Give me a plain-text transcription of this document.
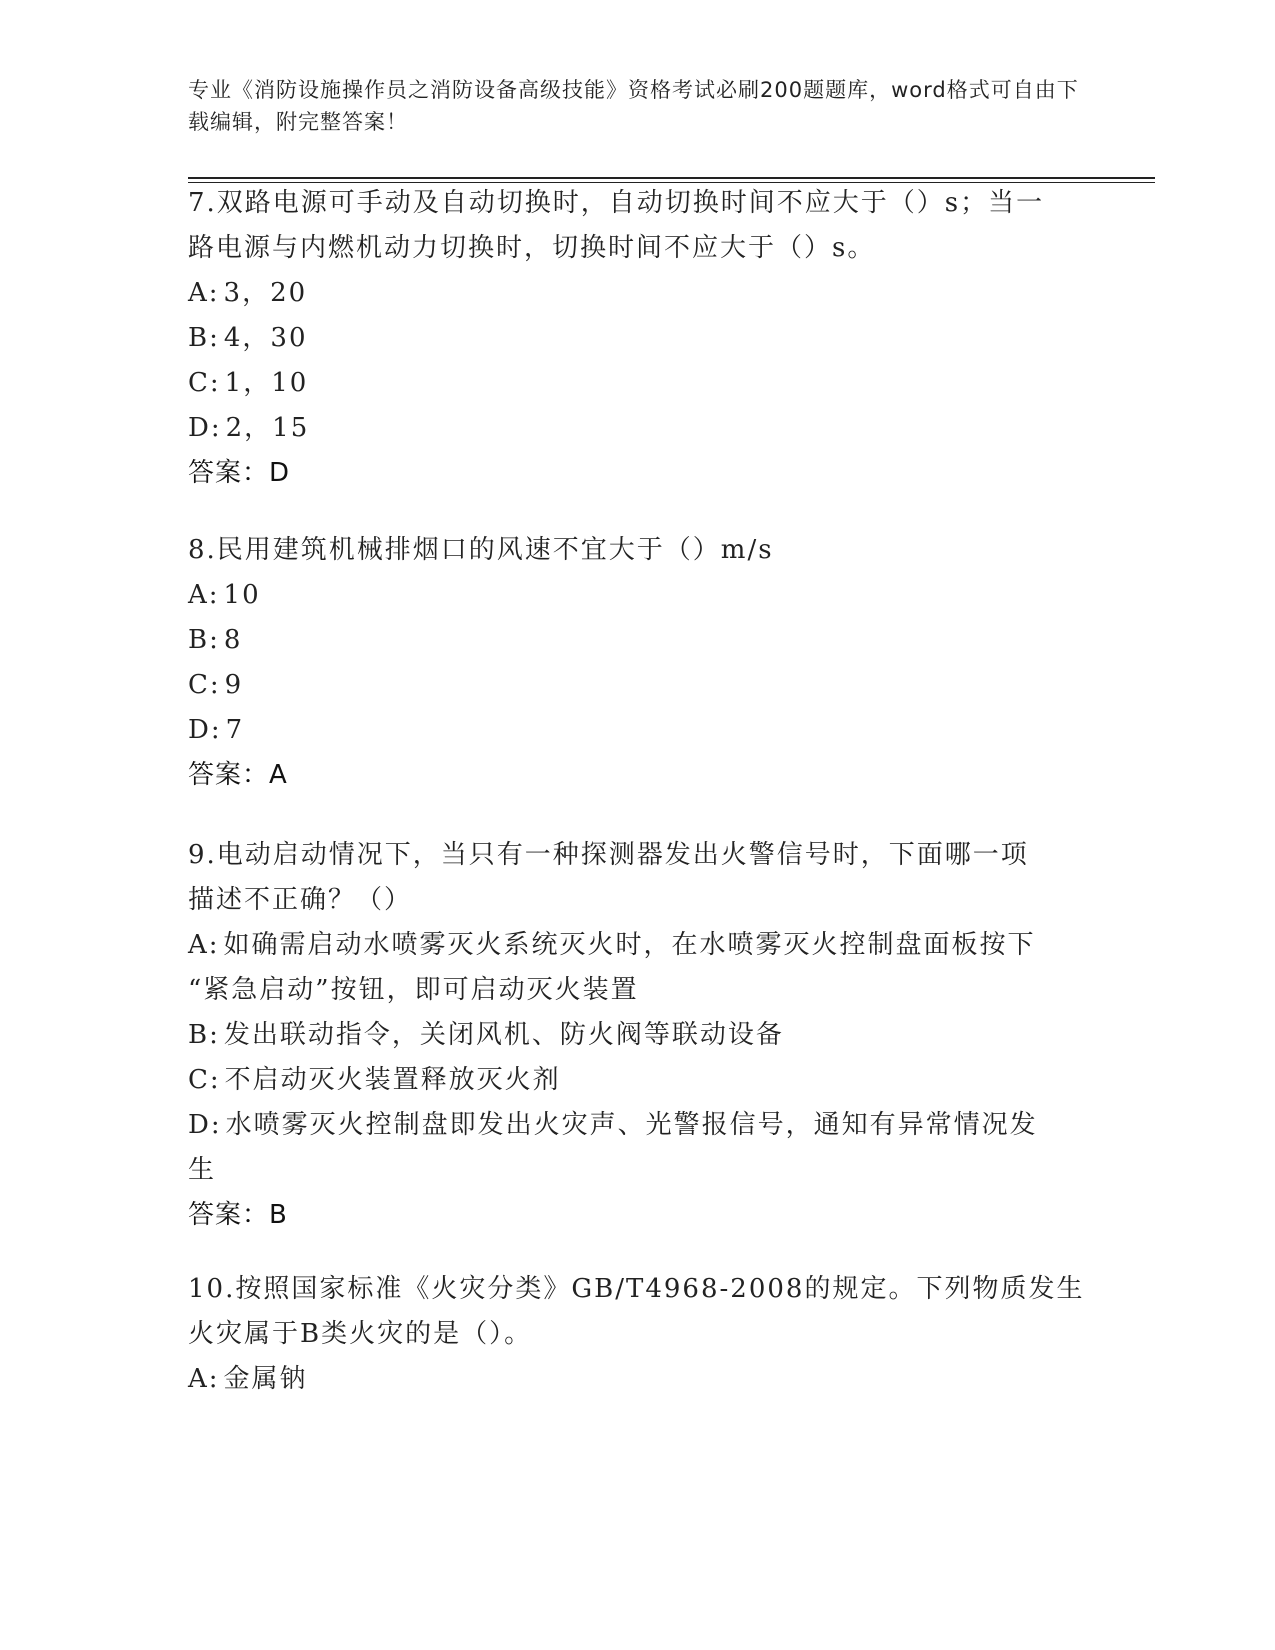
专业《消防设施操作员之消防设备高级技能》资格考试必刷200题题库，word格式可自由下载编辑，附完整答案！
7.双路电源可手动及自动切换时，自动切换时间不应大于（）s；当一
路电源与内燃机动力切换时，切换时间不应大于（）s。
A: 3，20
B: 4，30
C: 1，10
D: 2，15
答案：D
8.民用建筑机械排烟口的风速不宜大于（）m/s
A: 10
B: 8
C: 9
D: 7
答案：A
9.电动启动情况下，当只有一种探测器发出火警信号时，下面哪一项
描述不正确？（）
A: 如确需启动水喷雾灭火系统灭火时，在水喷雾灭火控制盘面板按下
“紧急启动”按钮，即可启动灭火装置
B: 发出联动指令，关闭风机、防火阀等联动设备
C: 不启动灭火装置释放灭火剂
D: 水喷雾灭火控制盘即发出火灾声、光警报信号，通知有异常情况发
生
答案：B
10.按照国家标准《火灾分类》GB/T4968-2008的规定。下列物质发生
火灾属于B类火灾的是（）。
A: 金属钠
